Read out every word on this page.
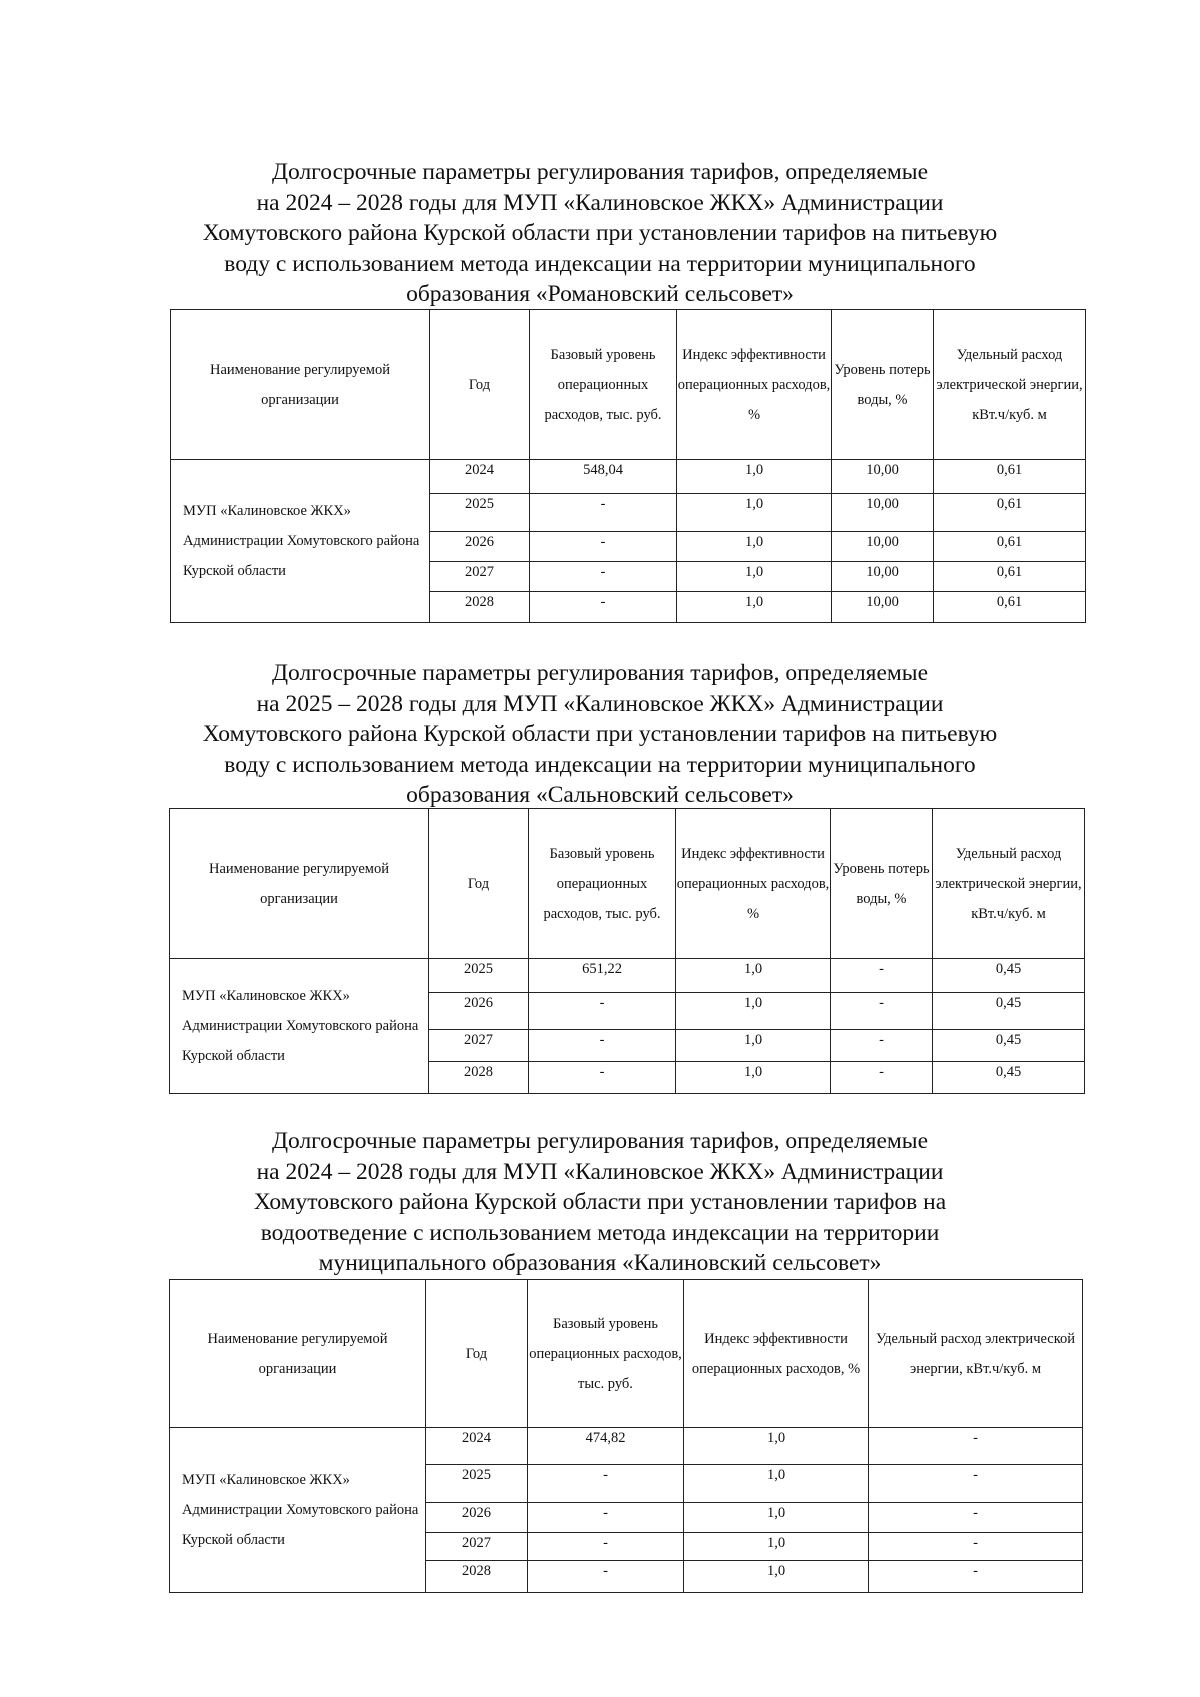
Долгосрочные параметры регулирования тарифов, определяемые
на 2024 – 2028 годы для МУП «Калиновское ЖКХ» Администрации
Хомутовского района Курской области при установлении тарифов на питьевую
воду с использованием метода индексации на территории муниципального
образования «Романовский сельсовет»
Наименование регулируемой организации	Год	Базовый уровень операционных расходов, тыс. руб.	Индекс эффективности операционных расходов, %	Уровень потерь воды, %	Удельный расход электрической энергии, кВт.ч/куб. м
МУП «Калиновское ЖКХ» Администрации Хомутовского района Курской области	2024	548,04	1,0	10,00	0,61
	2025	-	1,0	10,00	0,61
	2026	-	1,0	10,00	0,61
	2027	-	1,0	10,00	0,61
	2028	-	1,0	10,00	0,61
Долгосрочные параметры регулирования тарифов, определяемые
на 2025 – 2028 годы для МУП «Калиновское ЖКХ» Администрации
Хомутовского района Курской области при установлении тарифов на питьевую
воду с использованием метода индексации на территории муниципального
образования «Сальновский сельсовет»
Наименование регулируемой организации	Год	Базовый уровень операционных расходов, тыс. руб.	Индекс эффективности операционных расходов, %	Уровень потерь воды, %	Удельный расход электрической энергии, кВт.ч/куб. м
МУП «Калиновское ЖКХ» Администрации Хомутовского района Курской области	2025	651,22	1,0	-	0,45
	2026	-	1,0	-	0,45
	2027	-	1,0	-	0,45
	2028	-	1,0	-	0,45
Долгосрочные параметры регулирования тарифов, определяемые
на 2024 – 2028 годы для МУП «Калиновское ЖКХ» Администрации
Хомутовского района Курской области при установлении тарифов на
водоотведение с использованием метода индексации на территории
муниципального образования «Калиновский сельсовет»
Наименование регулируемой организации	Год	Базовый уровень операционных расходов, тыс. руб.	Индекс эффективности операционных расходов, %	Удельный расход электрической энергии, кВт.ч/куб. м
МУП «Калиновское ЖКХ» Администрации Хомутовского района Курской области	2024	474,82	1,0	-
	2025	-	1,0	-
	2026	-	1,0	-
	2027	-	1,0	-
	2028	-	1,0	-
